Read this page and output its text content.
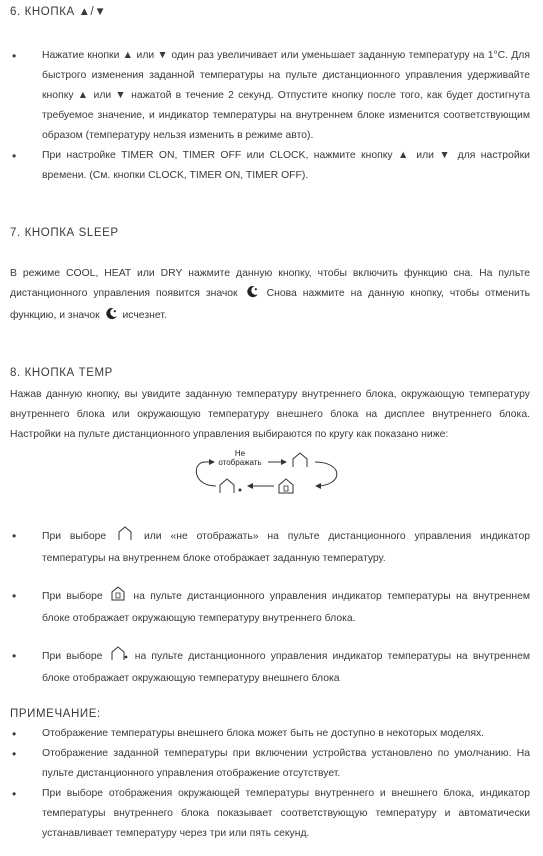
6. КНОПКА ▲/▼
• Нажатие кнопки ▲ или ▼ один раз увеличивает или уменьшает заданную температуру на 1°С. Для быстрого изменения заданной температуры на пульте дистанционного управления удерживайте кнопку ▲ или ▼ нажатой в течение 2 секунд. Отпустите кнопку после того, как будет достигнута требуемое значение, и индикатор температуры на внутреннем блоке изменится соответствующим образом (температуру нельзя изменить в режиме авто).
• При настройке TIMER ON, TIMER OFF или CLOCK, нажмите кнопку ▲ или ▼ для настройки времени. (См. кнопки CLOCK, TIMER ON, TIMER OFF).
7. КНОПКА SLEEP
В режиме COOL, HEAT или DRY нажмите данную кнопку, чтобы включить функцию сна. На пульте дистанционного управления появится значок	Снова нажмите на данную кнопку, чтобы отменить функцию, и значок исчезнет.
8. КНОПКА TEMP
Нажав данную кнопку, вы увидите заданную температуру внутреннего блока, окружающую температуру внутреннего блока или окружающую температуру внешнего блока на дисплее внутреннего блока. Настройки на пульте дистанционного управления выбираются по кругу как показано ниже:
Не
отображать
• При выборе	или «не отображать» на пульте дистанционного управления индикатор температуры на внутреннем блоке отображает заданную температуру.
• При выборе	на пульте дистанционного управления индикатор температуры на внутреннем блоке отображает окружающую температуру внутреннего блока.
• При выборе	на пульте дистанционного управления индикатор температуры на внутреннем блоке отображает окружающую температуру внешнего блока
ПРИМЕЧАНИЕ:
• Отображение температуры внешнего блока может быть не доступно в некоторых моделях.
• Отображение заданной температуры при включении устройства установлено по умолчанию. На пульте дистанционного управления отображение отсутствует.
• При выборе отображения окружающей температуры внутреннего и внешнего блока, индикатор температуры внутреннего блока показывает соответствующую температуру и автоматически устанавливает температуру через три или пять секунд.
